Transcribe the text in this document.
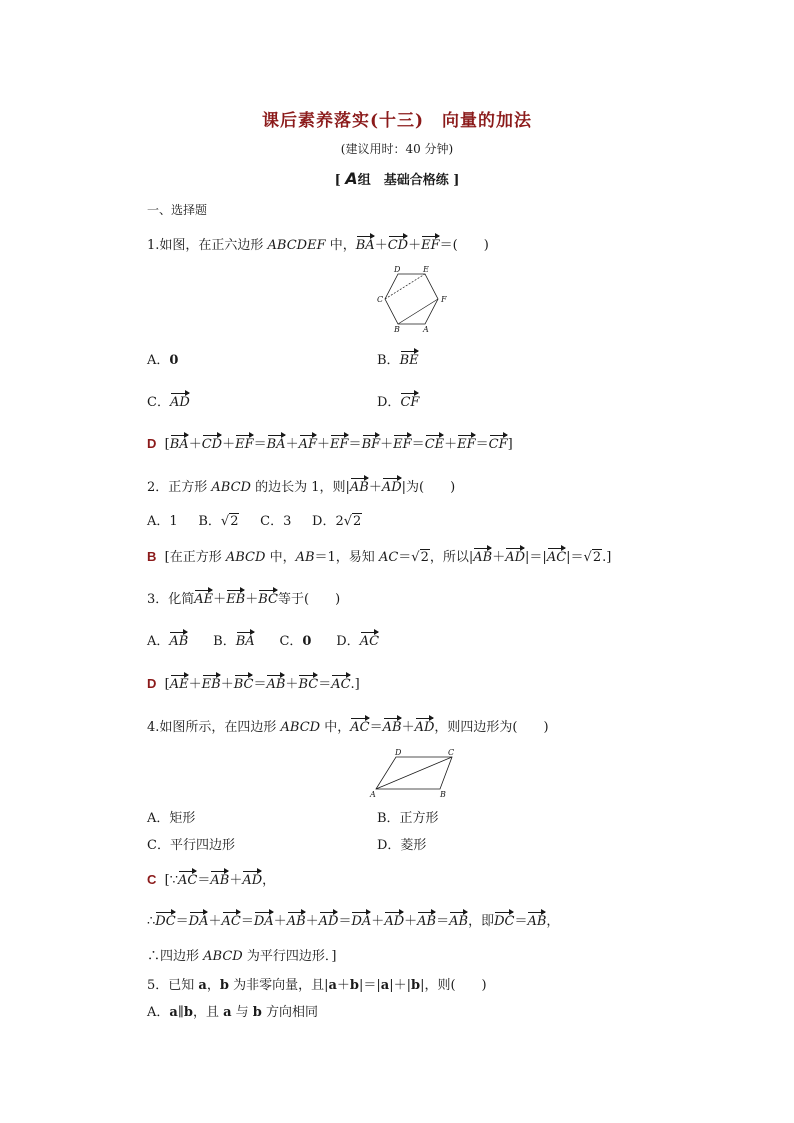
课后素养落实(十三)　向量的加法
(建议用时：40 分钟)
[ A组　基础合格练 ]
一、选择题
1.如图，在正六边形 ABCDEF 中，BA＋CD＋EF＝(　　)
D	E
C	F
B	A
A．0	B．BE
C．AD	D．CF
D [BA＋CD＋EF＝BA＋AF＋EF＝BF＋EF＝CE＋EF＝CF]
2．正方形 ABCD 的边长为 1，则|AB＋AD|为(　　)
A．1 B．√2 C．3 D．2√2
B [在正方形 ABCD 中，AB＝1，易知 AC＝√2，所以|AB＋AD|＝|AC|＝√2.]
3．化简AE＋EB＋BC等于(　　)
A．AB B．BA C．0 D．AC
D [AE＋EB＋BC＝AB＋BC＝AC.]
4.如图所示，在四边形 ABCD 中，AC＝AB＋AD，则四边形为(　　)
D	C
A	B
A．矩形	B．正方形
C．平行四边形	D．菱形
C [∵AC＝AB＋AD，
∴DC＝DA＋AC＝DA＋AB＋AD＝DA＋AD＋AB＝AB，即DC＝AB，
∴四边形 ABCD 为平行四边形．]
5．已知 a，b 为非零向量，且|a＋b|＝|a|＋|b|，则(　　)
A．a∥b，且 a 与 b 方向相同
